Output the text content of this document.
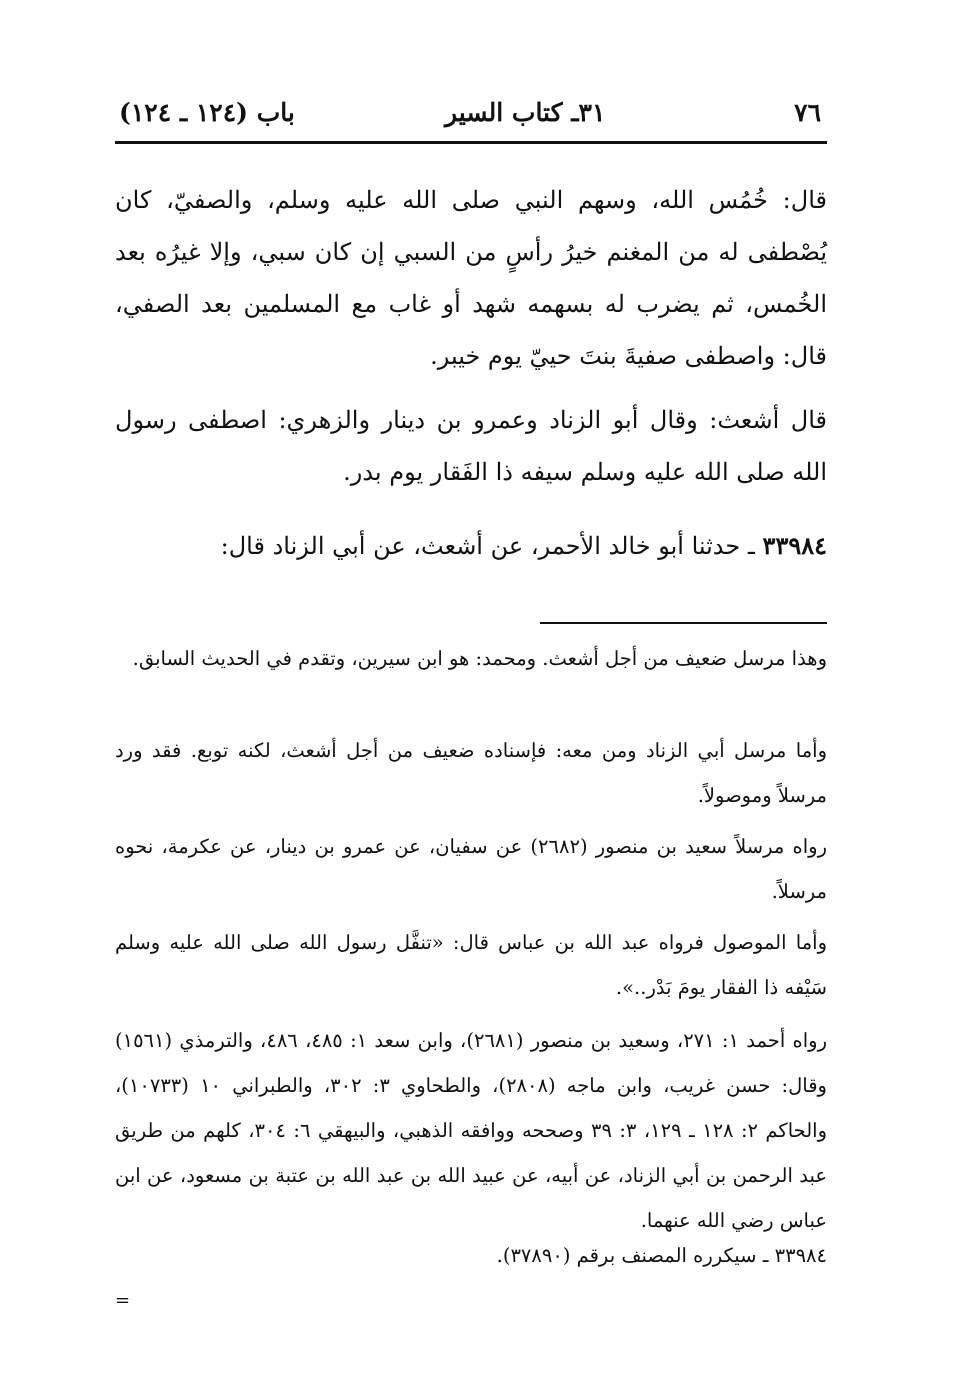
٧٦
٣١ـ كتاب السير
باب (١٢٤ ـ ١٢٤)

قال: خُمُس الله، وسهم النبي صلى الله عليه وسلم، والصفيّ، كان يُصْطفى له من المغنم خيرُ رأسٍ من السبي إن كان سبي، وإلا غيرُه بعد الخُمس، ثم يضرب له بسهمه شهد أو غاب مع المسلمين بعد الصفي، قال: واصطفى صفيةَ بنتَ حييّ يوم خيبر.

قال أشعث: وقال أبو الزناد وعمرو بن دينار والزهري: اصطفى رسول الله صلى الله عليه وسلم سيفه ذا الفَقار يوم بدر.

٣٣٩٨٤ ـ حدثنا أبو خالد الأحمر، عن أشعث، عن أبي الزناد قال:

وهذا مرسل ضعيف من أجل أشعث. ومحمد: هو ابن سيرين، وتقدم في الحديث السابق.

وأما مرسل أبي الزناد ومن معه: فإسناده ضعيف من أجل أشعث، لكنه توبع. فقد ورد مرسلاً وموصولاً.

رواه مرسلاً سعيد بن منصور (٢٦٨٢) عن سفيان، عن عمرو بن دينار، عن عكرمة، نحوه مرسلاً.

وأما الموصول فرواه عبد الله بن عباس قال: «تنفَّل رسول الله صلى الله عليه وسلم سَيْفه ذا الفقار يومَ بَدْر..».

رواه أحمد ١: ٢٧١، وسعيد بن منصور (٢٦٨١)، وابن سعد ١: ٤٨٥، ٤٨٦، والترمذي (١٥٦١) وقال: حسن غريب، وابن ماجه (٢٨٠٨)، والطحاوي ٣: ٣٠٢، والطبراني ١٠ (١٠٧٣٣)، والحاكم ٢: ١٢٨ ـ ١٢٩، ٣: ٣٩ وصححه ووافقه الذهبي، والبيهقي ٦: ٣٠٤، كلهم من طريق عبد الرحمن بن أبي الزناد، عن أبيه، عن عبيد الله بن عبد الله بن عتبة بن مسعود، عن ابن عباس رضي الله عنهما.

٣٣٩٨٤ ـ سيكرره المصنف برقم (٣٧٨٩٠).

=
